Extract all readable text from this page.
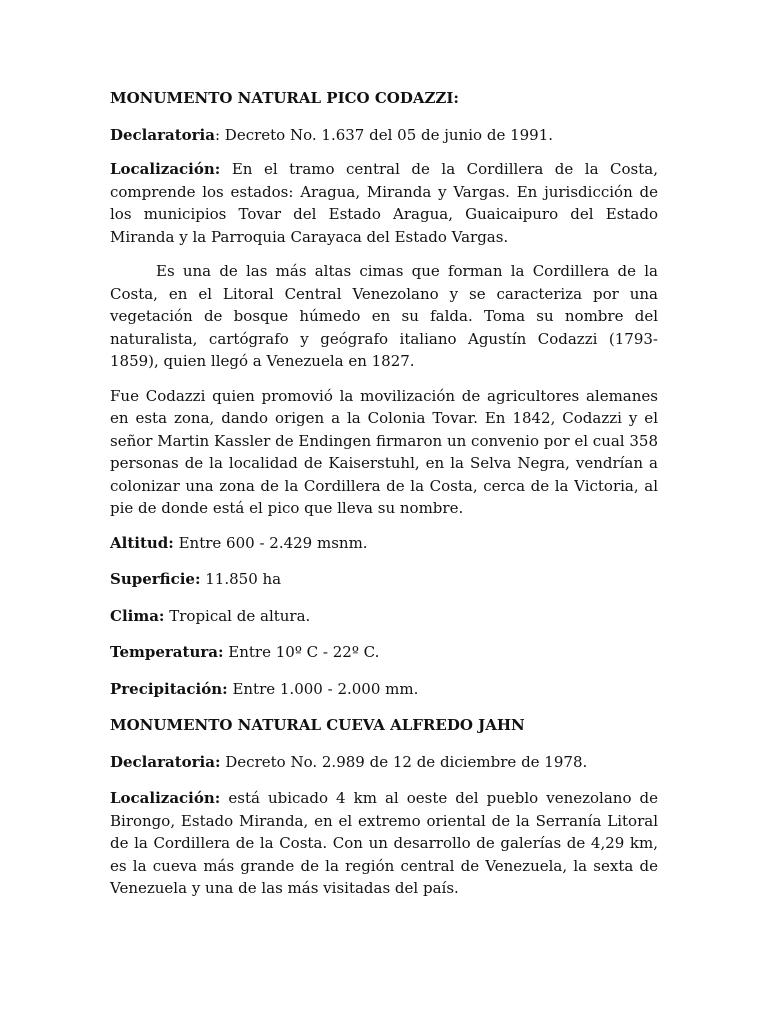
MONUMENTO NATURAL PICO CODAZZI:

Declaratoria: Decreto No. 1.637 del 05 de junio de 1991.

Localización: En el tramo central de la Cordillera de la Costa, comprende los estados: Aragua, Miranda y Vargas. En jurisdicción de los municipios Tovar del Estado Aragua, Guaicaipuro del Estado Miranda y la Parroquia Carayaca del Estado Vargas.

Es una de las más altas cimas que forman la Cordillera de la Costa, en el Litoral Central Venezolano y se caracteriza por una vegetación de bosque húmedo en su falda. Toma su nombre del naturalista, cartógrafo y geógrafo italiano Agustín Codazzi (1793-1859), quien llegó a Venezuela en 1827.

Fue Codazzi quien promovió la movilización de agricultores alemanes en esta zona, dando origen a la Colonia Tovar. En 1842, Codazzi y el señor Martin Kassler de Endingen firmaron un convenio por el cual 358 personas de la localidad de Kaiserstuhl, en la Selva Negra, vendrían a colonizar una zona de la Cordillera de la Costa, cerca de la Victoria, al pie de donde está el pico que lleva su nombre.

Altitud: Entre 600 - 2.429 msnm.

Superficie: 11.850 ha

Clima: Tropical de altura.

Temperatura: Entre 10º C - 22º C.

Precipitación: Entre 1.000 - 2.000 mm.

MONUMENTO NATURAL CUEVA ALFREDO JAHN

Declaratoria: Decreto No. 2.989 de 12 de diciembre de 1978.

Localización: está ubicado 4 km al oeste del pueblo venezolano de Birongo, Estado Miranda, en el extremo oriental de la Serranía Litoral de la Cordillera de la Costa. Con un desarrollo de galerías de 4,29 km, es la cueva más grande de la región central de Venezuela, la sexta de Venezuela y una de las más visitadas del país.
